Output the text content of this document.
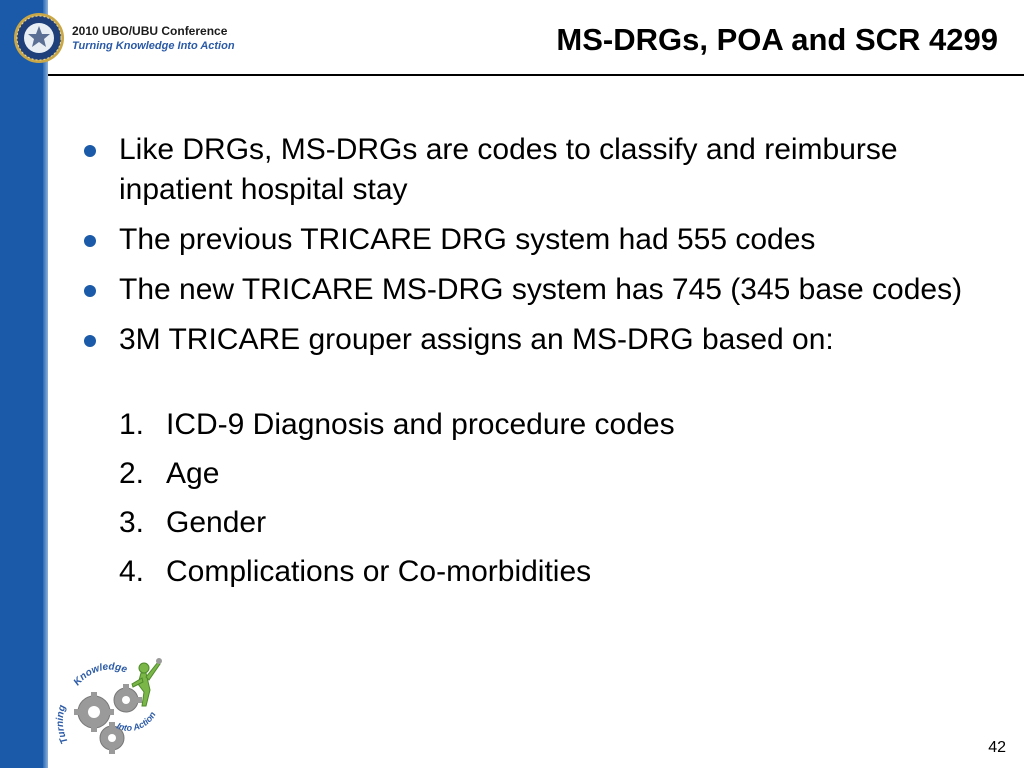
2010 UBO/UBU Conference
Turning Knowledge Into Action	MS-DRGs, POA and SCR 4299
Like DRGs, MS-DRGs are codes to classify and reimburse inpatient hospital stay
The previous TRICARE DRG system had 555 codes
The new TRICARE MS-DRG system has 745 (345 base codes)
3M TRICARE grouper assigns an MS-DRG based on:
1. ICD-9 Diagnosis and procedure codes
2. Age
3. Gender
4. Complications or Co-morbidities
Turning
Knowledge
Into Action
42
